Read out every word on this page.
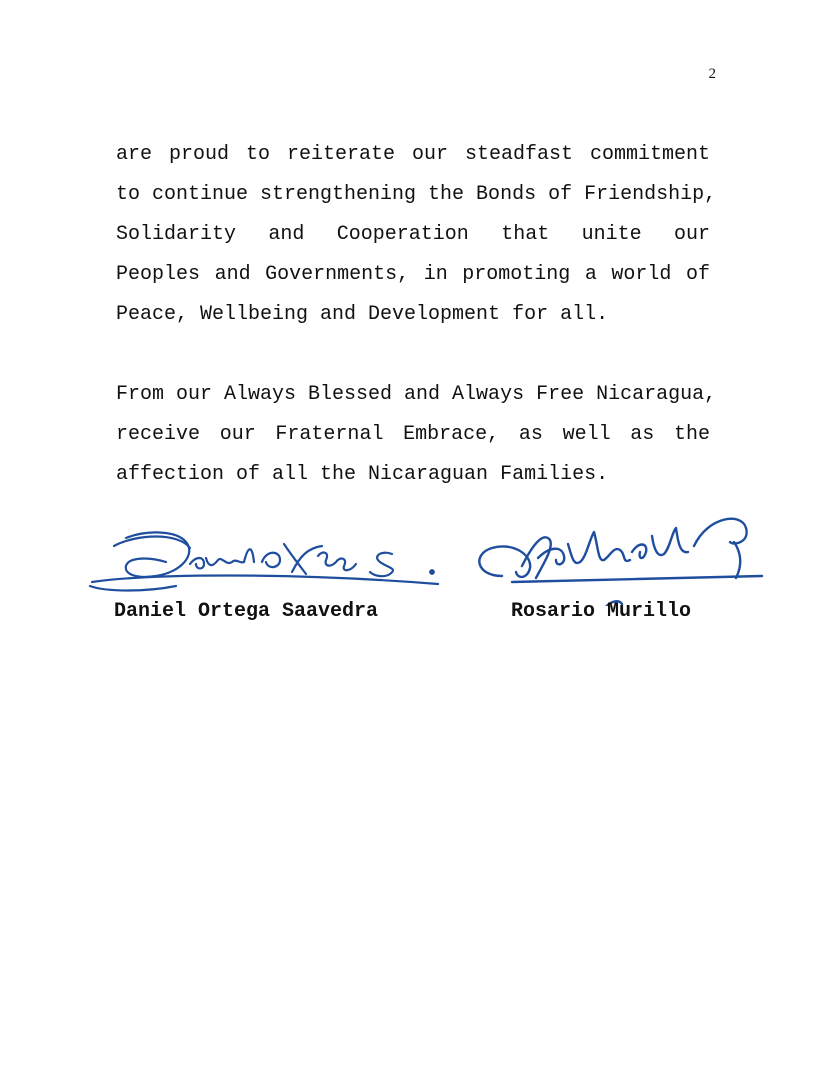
2
are proud to reiterate our steadfast commitment
to continue strengthening the Bonds of Friendship,
Solidarity and Cooperation that unite our
Peoples and Governments, in promoting a world of
Peace, Wellbeing and Development for all.
From our Always Blessed and Always Free Nicaragua,
receive our Fraternal Embrace, as well as the
affection of all the Nicaraguan Families.
Daniel Ortega Saavedra	Rosario Murillo
